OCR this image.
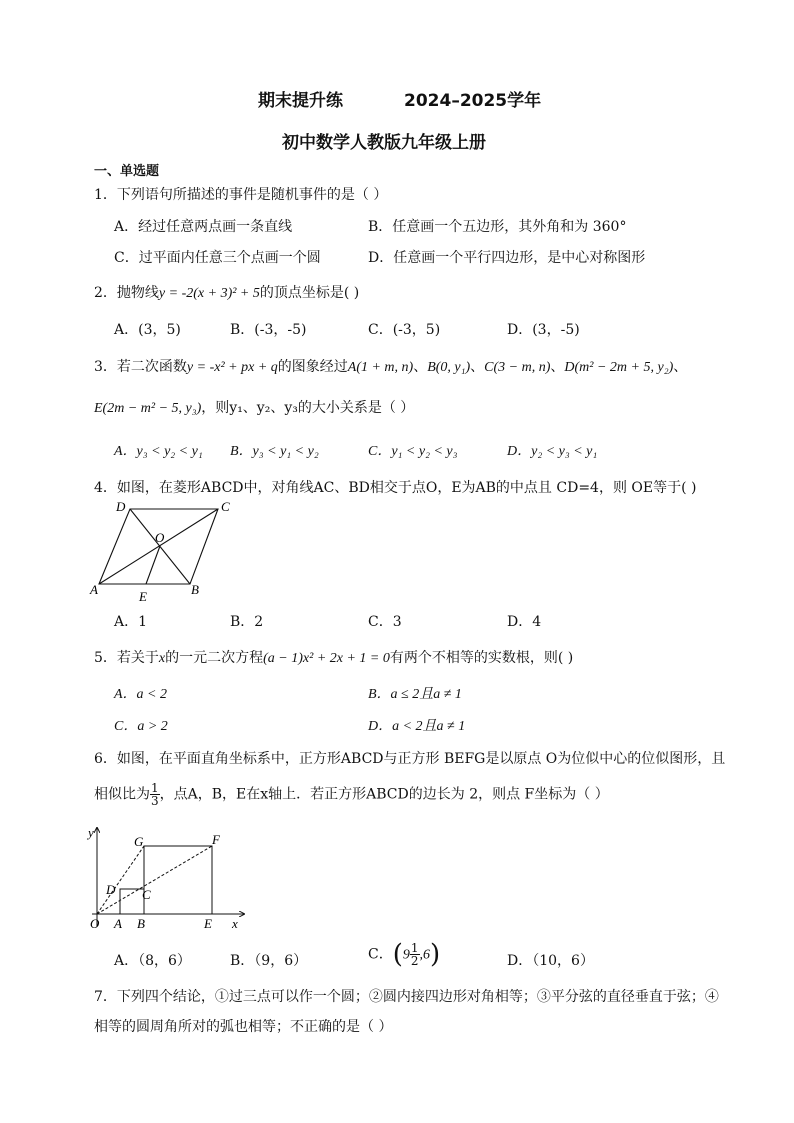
期末提升练	2024–2025学年
初中数学人教版九年级上册
一、单选题
1．下列语句所描述的事件是随机事件的是（ ）
A．经过任意两点画一条直线	B．任意画一个五边形，其外角和为 360°
C．过平面内任意三个点画一个圆	D．任意画一个平行四边形，是中心对称图形
2．抛物线y = -2(x + 3)² + 5的顶点坐标是( )
A．(3，5)	B．(-3，-5)	C．(-3，5)	D．(3，-5)
3．若二次函数y = -x² + px + q的图象经过A(1 + m, n)、B(0, y₁)、C(3 − m, n)、D(m² − 2m + 5, y₂)、
E(2m − m² − 5, y₃)，则y₁、y₂、y₃的大小关系是（ ）
A．y₃ < y₂ < y₁ B．y₃ < y₁ < y₂	C．y₁ < y₂ < y₃	D．y₂ < y₃ < y₁
4．如图，在菱形ABCD中，对角线AC、BD相交于点O，E为AB的中点且 CD=4，则 OE等于( )
D	C
O
A	E	B
A．1	B．2	C．3	D．4
5．若关于x的一元二次方程(a − 1)x² + 2x + 1 = 0有两个不相等的实数根，则( )
A．a < 2	B．a ≤ 2且a ≠ 1
C．a > 2	D．a < 2且a ≠ 1
6．如图，在平面直角坐标系中，正方形ABCD与正方形 BEFG是以原点 O为位似中心的位似图形，且
相似比为 $\frac{1}{3}$ ，点A，B，E在x轴上．若正方形ABCD的边长为 2，则点 F坐标为（ ）
y
G	F
D C
O A B	E x
A．（8，6）	B．（9，6）	C．$(9 \frac{1}{2} ,6)$	D．（10，6）
7．下列四个结论，①过三点可以作一个圆；②圆内接四边形对角相等；③平分弦的直径垂直于弦；④
相等的圆周角所对的弧也相等；不正确的是（ ）
